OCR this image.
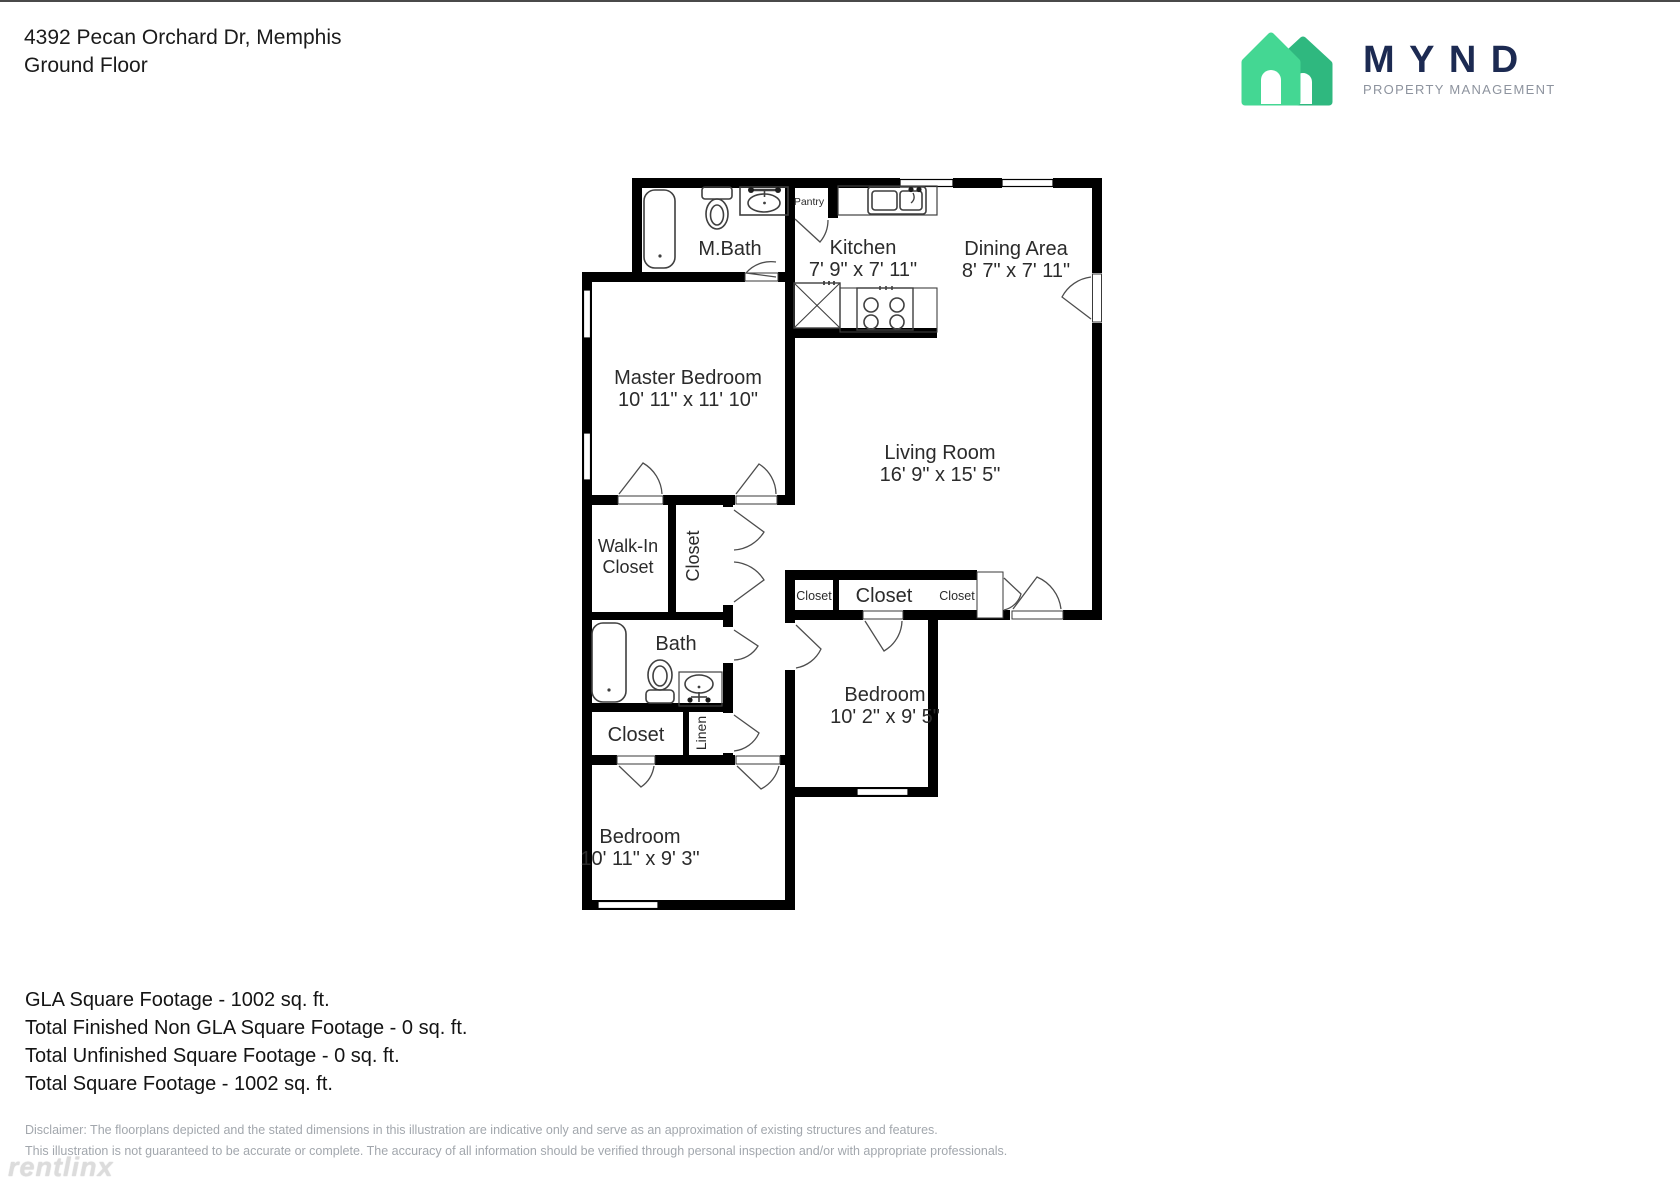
4392 Pecan Orchard Dr, Memphis
Ground Floor	MYND
PROPERTY MANAGEMENT
M.Bath	Kitchen
7' 9" x 7' 11"
Dining Area
8' 7" x 7' 11"
Master Bedroom
10' 11" x 11' 10"
Living Room
16' 9" x 15' 5"
Walk-In
Closet Closet
Bath
Closet Linen
Bedroom
10' 2" x 9' 5"
Bedroom
10' 11" x 9' 3"
Closet Closet Closet
Pantry
GLA Square Footage - 1002 sq. ft.
Total Finished Non GLA Square Footage - 0 sq. ft.
Total Unfinished Square Footage - 0 sq. ft.
Total Square Footage - 1002 sq. ft.
Disclaimer: The floorplans depicted and the stated dimensions in this illustration are indicative only and serve as an approximation of existing structures and features.
This illustration is not guaranteed to be accurate or complete. The accuracy of all information should be verified through personal inspection and/or with appropriate professionals.
rentlinx
